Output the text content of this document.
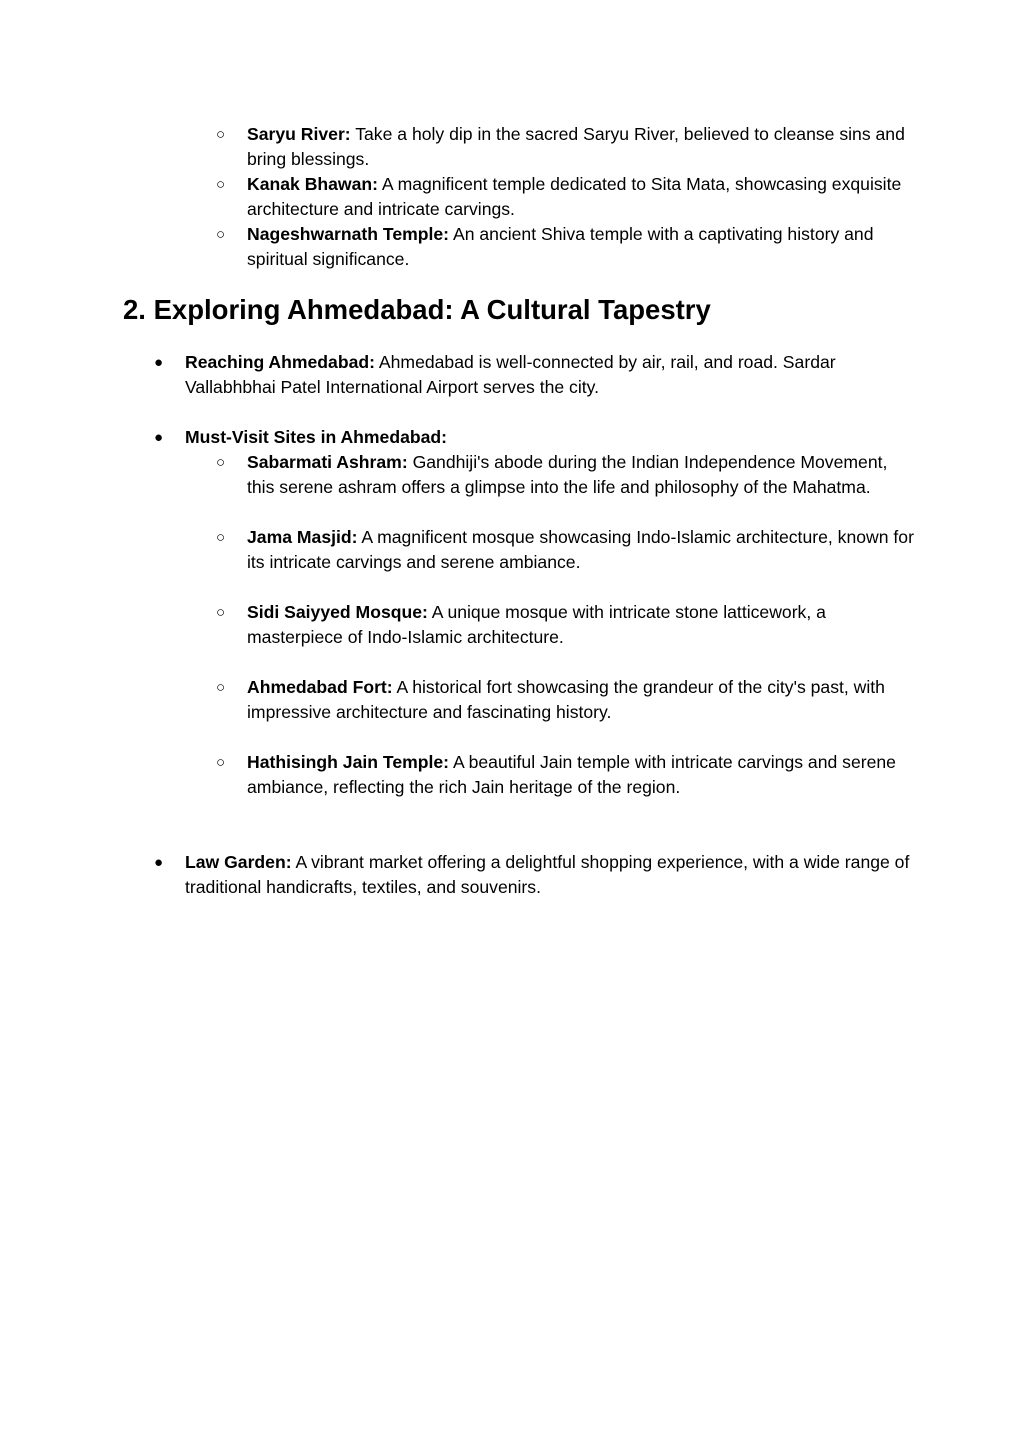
○	Saryu River: Take a holy dip in the sacred Saryu River, believed to cleanse sins and bring blessings.
○	Kanak Bhawan: A magnificent temple dedicated to Sita Mata, showcasing exquisite architecture and intricate carvings.
○	Nageshwarnath Temple: An ancient Shiva temple with a captivating history and spiritual significance.
2. Exploring Ahmedabad: A Cultural Tapestry
● Reaching Ahmedabad: Ahmedabad is well-connected by air, rail, and road. Sardar Vallabhbhai Patel International Airport serves the city.
● Must-Visit Sites in Ahmedabad:
○	Sabarmati Ashram: Gandhiji's abode during the Indian Independence Movement, this serene ashram offers a glimpse into the life and philosophy of the Mahatma.
○	Jama Masjid: A magnificent mosque showcasing Indo-Islamic architecture, known for its intricate carvings and serene ambiance.
○	Sidi Saiyyed Mosque: A unique mosque with intricate stone latticework, a masterpiece of Indo-Islamic architecture.
○	Ahmedabad Fort: A historical fort showcasing the grandeur of the city's past, with impressive architecture and fascinating history.
○	Hathisingh Jain Temple: A beautiful Jain temple with intricate carvings and serene ambiance, reflecting the rich Jain heritage of the region.
● Law Garden: A vibrant market offering a delightful shopping experience, with a wide range of traditional handicrafts, textiles, and souvenirs.
